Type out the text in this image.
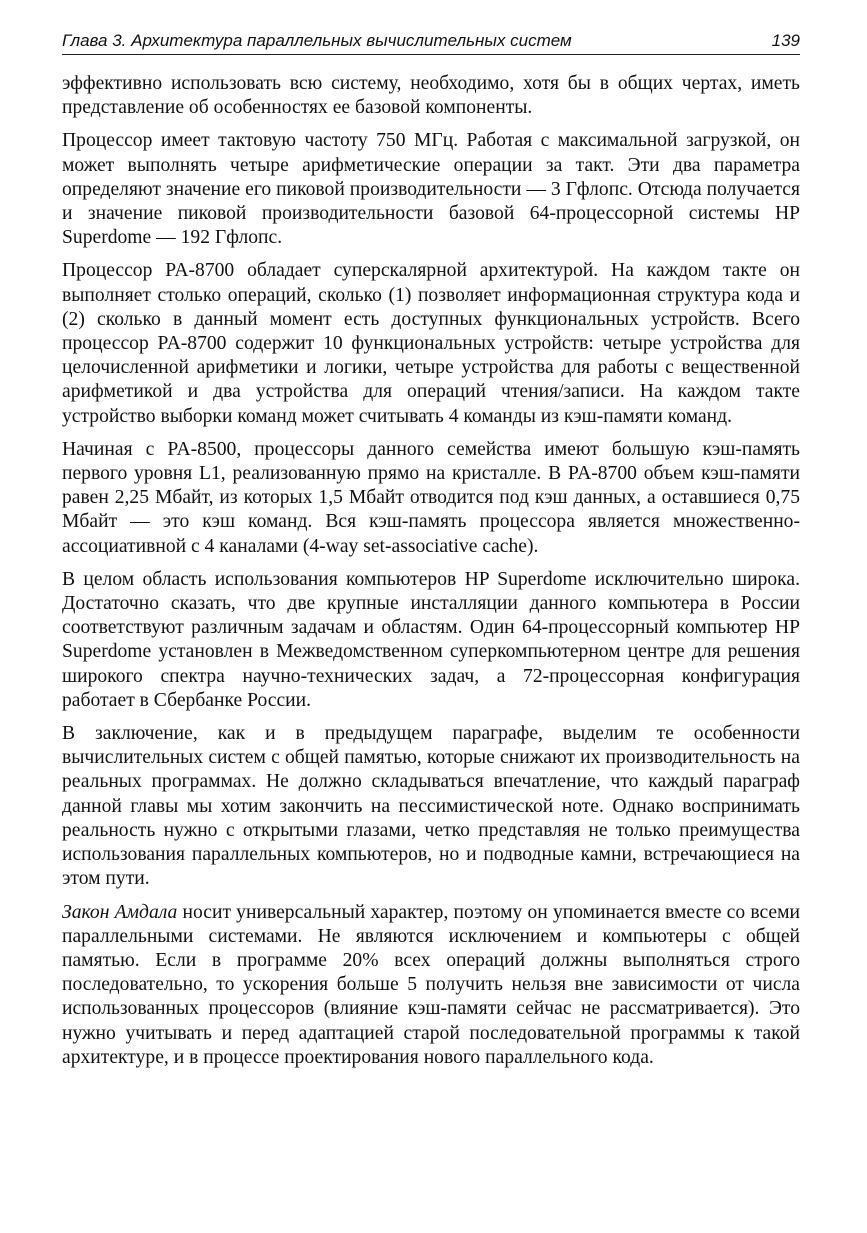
Глава 3. Архитектура параллельных вычислительных систем	139

эффективно использовать всю систему, необходимо, хотя бы в общих чертах, иметь представление об особенностях ее базовой компоненты.

Процессор имеет тактовую частоту 750 МГц. Работая с максимальной загрузкой, он может выполнять четыре арифметические операции за такт. Эти два параметра определяют значение его пиковой производительности — 3 Гфлопс. Отсюда получается и значение пиковой производительности базовой 64-процессорной системы HP Superdome — 192 Гфлопс.

Процессор PA-8700 обладает суперскалярной архитектурой. На каждом такте он выполняет столько операций, сколько (1) позволяет информационная структура кода и (2) сколько в данный момент есть доступных функциональных устройств. Всего процессор PA-8700 содержит 10 функциональных устройств: четыре устройства для целочисленной арифметики и логики, четыре устройства для работы с вещественной арифметикой и два устройства для операций чтения/записи. На каждом такте устройство выборки команд может считывать 4 команды из кэш-памяти команд.

Начиная с PA-8500, процессоры данного семейства имеют большую кэш-память первого уровня L1, реализованную прямо на кристалле. В PA-8700 объем кэш-памяти равен 2,25 Мбайт, из которых 1,5 Мбайт отводится под кэш данных, а оставшиеся 0,75 Мбайт — это кэш команд. Вся кэш-память процессора является множественно-ассоциативной с 4 каналами (4-way set-associative cache).

В целом область использования компьютеров HP Superdome исключительно широка. Достаточно сказать, что две крупные инсталляции данного компьютера в России соответствуют различным задачам и областям. Один 64-процессорный компьютер HP Superdome установлен в Межведомственном суперкомпьютерном центре для решения широкого спектра научно-технических задач, а 72-процессорная конфигурация работает в Сбербанке России.

В заключение, как и в предыдущем параграфе, выделим те особенности вычислительных систем с общей памятью, которые снижают их производительность на реальных программах. Не должно складываться впечатление, что каждый параграф данной главы мы хотим закончить на пессимистической ноте. Однако воспринимать реальность нужно с открытыми глазами, четко представляя не только преимущества использования параллельных компьютеров, но и подводные камни, встречающиеся на этом пути.

Закон Амдала носит универсальный характер, поэтому он упоминается вместе со всеми параллельными системами. Не являются исключением и компьютеры с общей памятью. Если в программе 20% всех операций должны выполняться строго последовательно, то ускорения больше 5 получить нельзя вне зависимости от числа использованных процессоров (влияние кэш-памяти сейчас не рассматривается). Это нужно учитывать и перед адаптацией старой последовательной программы к такой архитектуре, и в процессе проектирования нового параллельного кода.
